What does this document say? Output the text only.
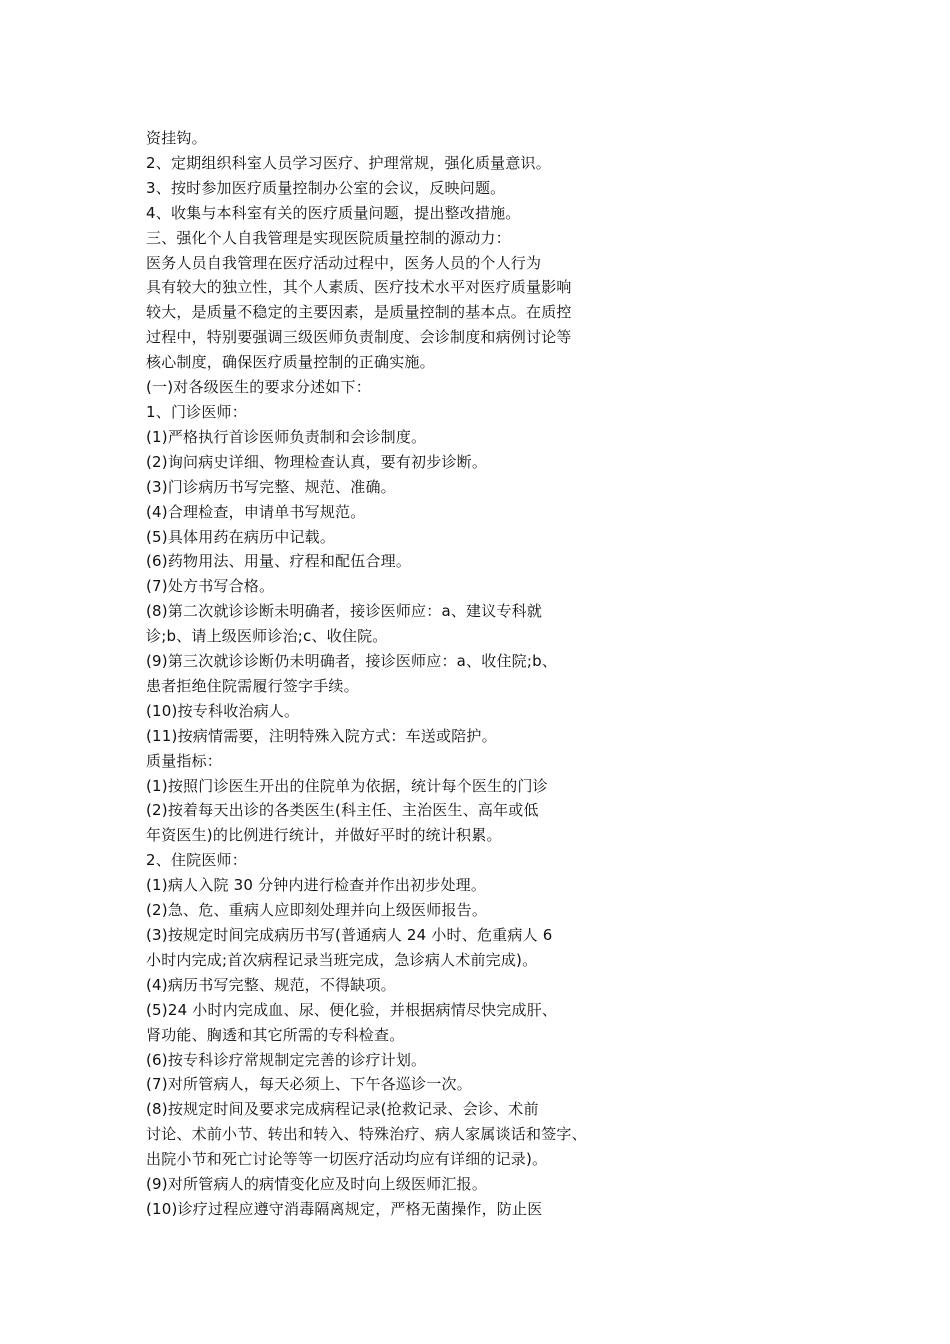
资挂钩。
2、定期组织科室人员学习医疗、护理常规，强化质量意识。
3、按时参加医疗质量控制办公室的会议，反映问题。
4、收集与本科室有关的医疗质量问题，提出整改措施。
三、强化个人自我管理是实现医院质量控制的源动力：
医务人员自我管理在医疗活动过程中，医务人员的个人行为
具有较大的独立性，其个人素质、医疗技术水平对医疗质量影响
较大，是质量不稳定的主要因素，是质量控制的基本点。在质控
过程中，特别要强调三级医师负责制度、会诊制度和病例讨论等
核心制度，确保医疗质量控制的正确实施。
(一)对各级医生的要求分述如下：
1、门诊医师：
(1)严格执行首诊医师负责制和会诊制度。
(2)询问病史详细、物理检查认真，要有初步诊断。
(3)门诊病历书写完整、规范、准确。
(4)合理检查，申请单书写规范。
(5)具体用药在病历中记载。
(6)药物用法、用量、疗程和配伍合理。
(7)处方书写合格。
(8)第二次就诊诊断未明确者，接诊医师应：a、建议专科就
诊;b、请上级医师诊治;c、收住院。
(9)第三次就诊诊断仍未明确者，接诊医师应：a、收住院;b、
患者拒绝住院需履行签字手续。
(10)按专科收治病人。
(11)按病情需要，注明特殊入院方式：车送或陪护。
质量指标：
(1)按照门诊医生开出的住院单为依据，统计每个医生的门诊
(2)按着每天出诊的各类医生(科主任、主治医生、高年或低
年资医生)的比例进行统计，并做好平时的统计积累。
2、住院医师：
(1)病人入院 30 分钟内进行检查并作出初步处理。
(2)急、危、重病人应即刻处理并向上级医师报告。
(3)按规定时间完成病历书写(普通病人 24 小时、危重病人 6
小时内完成;首次病程记录当班完成，急诊病人术前完成)。
(4)病历书写完整、规范，不得缺项。
(5)24 小时内完成血、尿、便化验，并根据病情尽快完成肝、
肾功能、胸透和其它所需的专科检查。
(6)按专科诊疗常规制定完善的诊疗计划。
(7)对所管病人，每天必须上、下午各巡诊一次。
(8)按规定时间及要求完成病程记录(抢救记录、会诊、术前
讨论、术前小节、转出和转入、特殊治疗、病人家属谈话和签字、
出院小节和死亡讨论等等一切医疗活动均应有详细的记录)。
(9)对所管病人的病情变化应及时向上级医师汇报。
(10)诊疗过程应遵守消毒隔离规定，严格无菌操作，防止医
